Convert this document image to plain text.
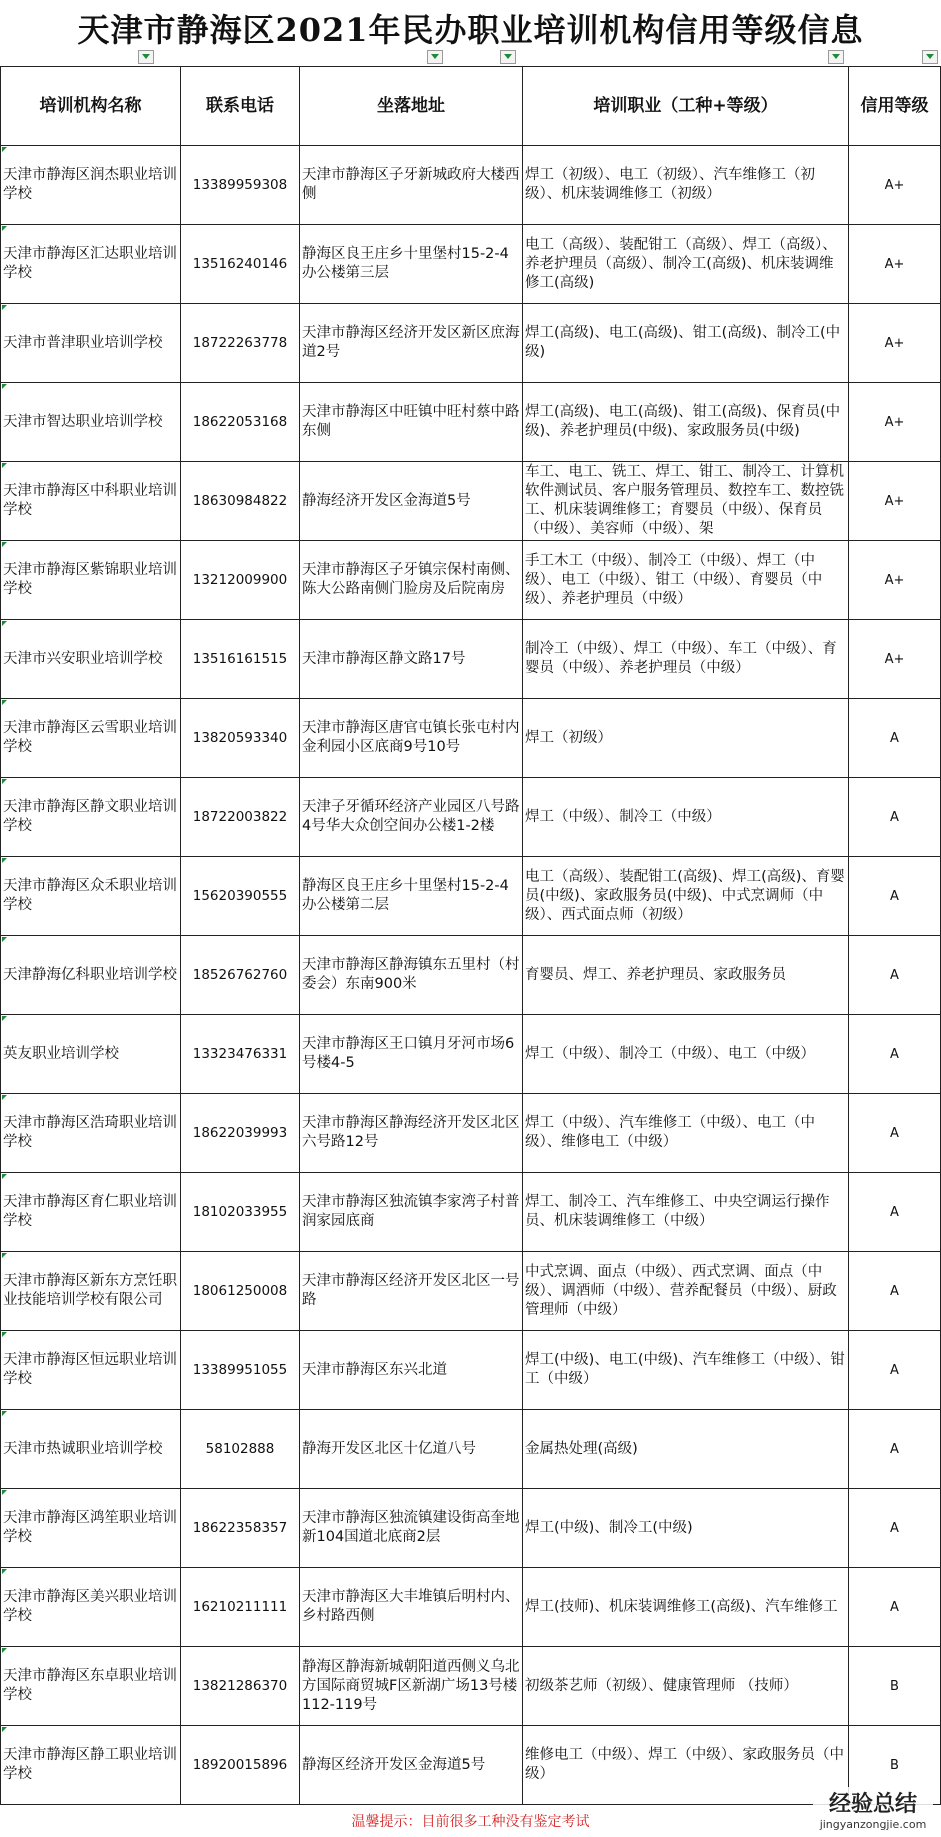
天津市静海区2021年民办职业培训机构信用等级信息
培训机构名称	联系电话	坐落地址	培训职业（工种+等级）	信用等级
天津市静海区润杰职业培训学校	13389959308	天津市静海区子牙新城政府大楼西侧	焊工（初级）、电工（初级）、汽车维修工（初级）、机床装调维修工（初级）	A+
天津市静海区汇达职业培训学校	13516240146	静海区良王庄乡十里堡村15-2-4办公楼第三层	电工（高级）、装配钳工（高级）、焊工（高级）、养老护理员（高级）、制冷工(高级)、机床装调维修工(高级)	A+
天津市普津职业培训学校	18722263778	天津市静海区经济开发区新区庶海道2号	焊工(高级)、电工(高级)、钳工(高级)、制冷工(中级)	A+
天津市智达职业培训学校	18622053168	天津市静海区中旺镇中旺村蔡中路东侧	焊工(高级)、电工(高级)、钳工(高级)、保育员(中级)、养老护理员(中级)、家政服务员(中级)	A+
天津市静海区中科职业培训学校	18630984822	静海经济开发区金海道5号	车工、电工、铣工、焊工、钳工、制冷工、计算机软件测试员、客户服务管理员、数控车工、数控铣工、机床装调维修工；育婴员（中级）、保育员（中级）、美容师（中级）、架	A+
天津市静海区紫锦职业培训学校	13212009900	天津市静海区子牙镇宗保村南侧、陈大公路南侧门脸房及后院南房	手工木工（中级）、制冷工（中级）、焊工（中级）、电工（中级）、钳工（中级）、育婴员（中级）、养老护理员（中级）	A+
天津市兴安职业培训学校	13516161515	天津市静海区静文路17号	制冷工（中级）、焊工（中级）、车工（中级）、育婴员（中级）、养老护理员（中级）	A+
天津市静海区云雪职业培训学校	13820593340	天津市静海区唐官屯镇长张屯村内金利园小区底商9号10号	焊工（初级）	A
天津市静海区静文职业培训学校	18722003822	天津子牙循环经济产业园区八号路4号华大众创空间办公楼1-2楼	焊工（中级）、制冷工（中级）	A
天津市静海区众禾职业培训学校	15620390555	静海区良王庄乡十里堡村15-2-4办公楼第二层	电工（高级）、装配钳工(高级)、焊工(高级)、育婴员(中级)、家政服务员(中级)、中式烹调师（中级）、西式面点师（初级）	A
天津静海亿科职业培训学校	18526762760	天津市静海区静海镇东五里村（村委会）东南900米	育婴员、焊工、养老护理员、家政服务员	A
英友职业培训学校	13323476331	天津市静海区王口镇月牙河市场6号楼4-5	焊工（中级）、制冷工（中级）、电工（中级）	A
天津市静海区浩琦职业培训学校	18622039993	天津市静海区静海经济开发区北区六号路12号	焊工（中级）、汽车维修工（中级）、电工（中级）、维修电工（中级）	A
天津市静海区育仁职业培训学校	18102033955	天津市静海区独流镇李家湾子村普润家园底商	焊工、制冷工、汽车维修工、中央空调运行操作员、机床装调维修工（中级）	A
天津市静海区新东方烹饪职业技能培训学校有限公司	18061250008	天津市静海区经济开发区北区一号路	中式烹调、面点（中级）、西式烹调、面点（中级）、调酒师（中级）、营养配餐员（中级）、厨政管理师（中级）	A
天津市静海区恒远职业培训学校	13389951055	天津市静海区东兴北道	焊工(中级)、电工(中级)、汽车维修工（中级）、钳工（中级）	A
天津市热诚职业培训学校	58102888	静海开发区北区十亿道八号	金属热处理(高级)	A
天津市静海区鸿笙职业培训学校	18622358357	天津市静海区独流镇建设街高奎地新104国道北底商2层	焊工(中级)、制冷工(中级)	A
天津市静海区美兴职业培训学校	16210211111	天津市静海区大丰堆镇后明村内、乡村路西侧	焊工(技师)、机床装调维修工(高级)、汽车维修工	A
天津市静海区东卓职业培训学校	13821286370	静海区静海新城朝阳道西侧义乌北方国际商贸城F区新湖广场13号楼112-119号	初级茶艺师（初级）、健康管理师 （技师）	B
天津市静海区静工职业培训学校	18920015896	静海区经济开发区金海道5号	维修电工（中级）、焊工（中级）、家政服务员（中级）	B
温馨提示：目前很多工种没有鉴定考试
经验总结
jingyanzongjie.com
